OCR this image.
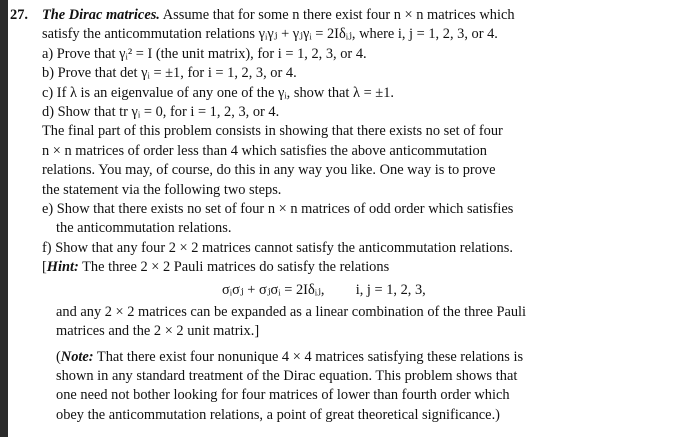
27. The Dirac matrices. Assume that for some n there exist four n × n matrices which
satisfy the anticommutation relations γᵢγⱼ + γⱼγᵢ = 2Iδᵢⱼ, where i, j = 1, 2, 3, or 4.
a) Prove that γᵢ² = I (the unit matrix), for i = 1, 2, 3, or 4.
b) Prove that det γᵢ = ±1, for i = 1, 2, 3, or 4.
c) If λ is an eigenvalue of any one of the γᵢ, show that λ = ±1.
d) Show that tr γᵢ = 0, for i = 1, 2, 3, or 4.
The final part of this problem consists in showing that there exists no set of four
n × n matrices of order less than 4 which satisfies the above anticommutation
relations. You may, of course, do this in any way you like. One way is to prove
the statement via the following two steps.
e) Show that there exists no set of four n × n matrices of odd order which satisfies
the anticommutation relations.
f) Show that any four 2 × 2 matrices cannot satisfy the anticommutation relations.
[Hint: The three 2 × 2 Pauli matrices do satisfy the relations
σᵢσⱼ + σⱼσᵢ = 2Iδᵢⱼ, i, j = 1, 2, 3,
and any 2 × 2 matrices can be expanded as a linear combination of the three Pauli
matrices and the 2 × 2 unit matrix.]
(Note: That there exist four nonunique 4 × 4 matrices satisfying these relations is
shown in any standard treatment of the Dirac equation. This problem shows that
one need not bother looking for four matrices of lower than fourth order which
obey the anticommutation relations, a point of great theoretical significance.)
